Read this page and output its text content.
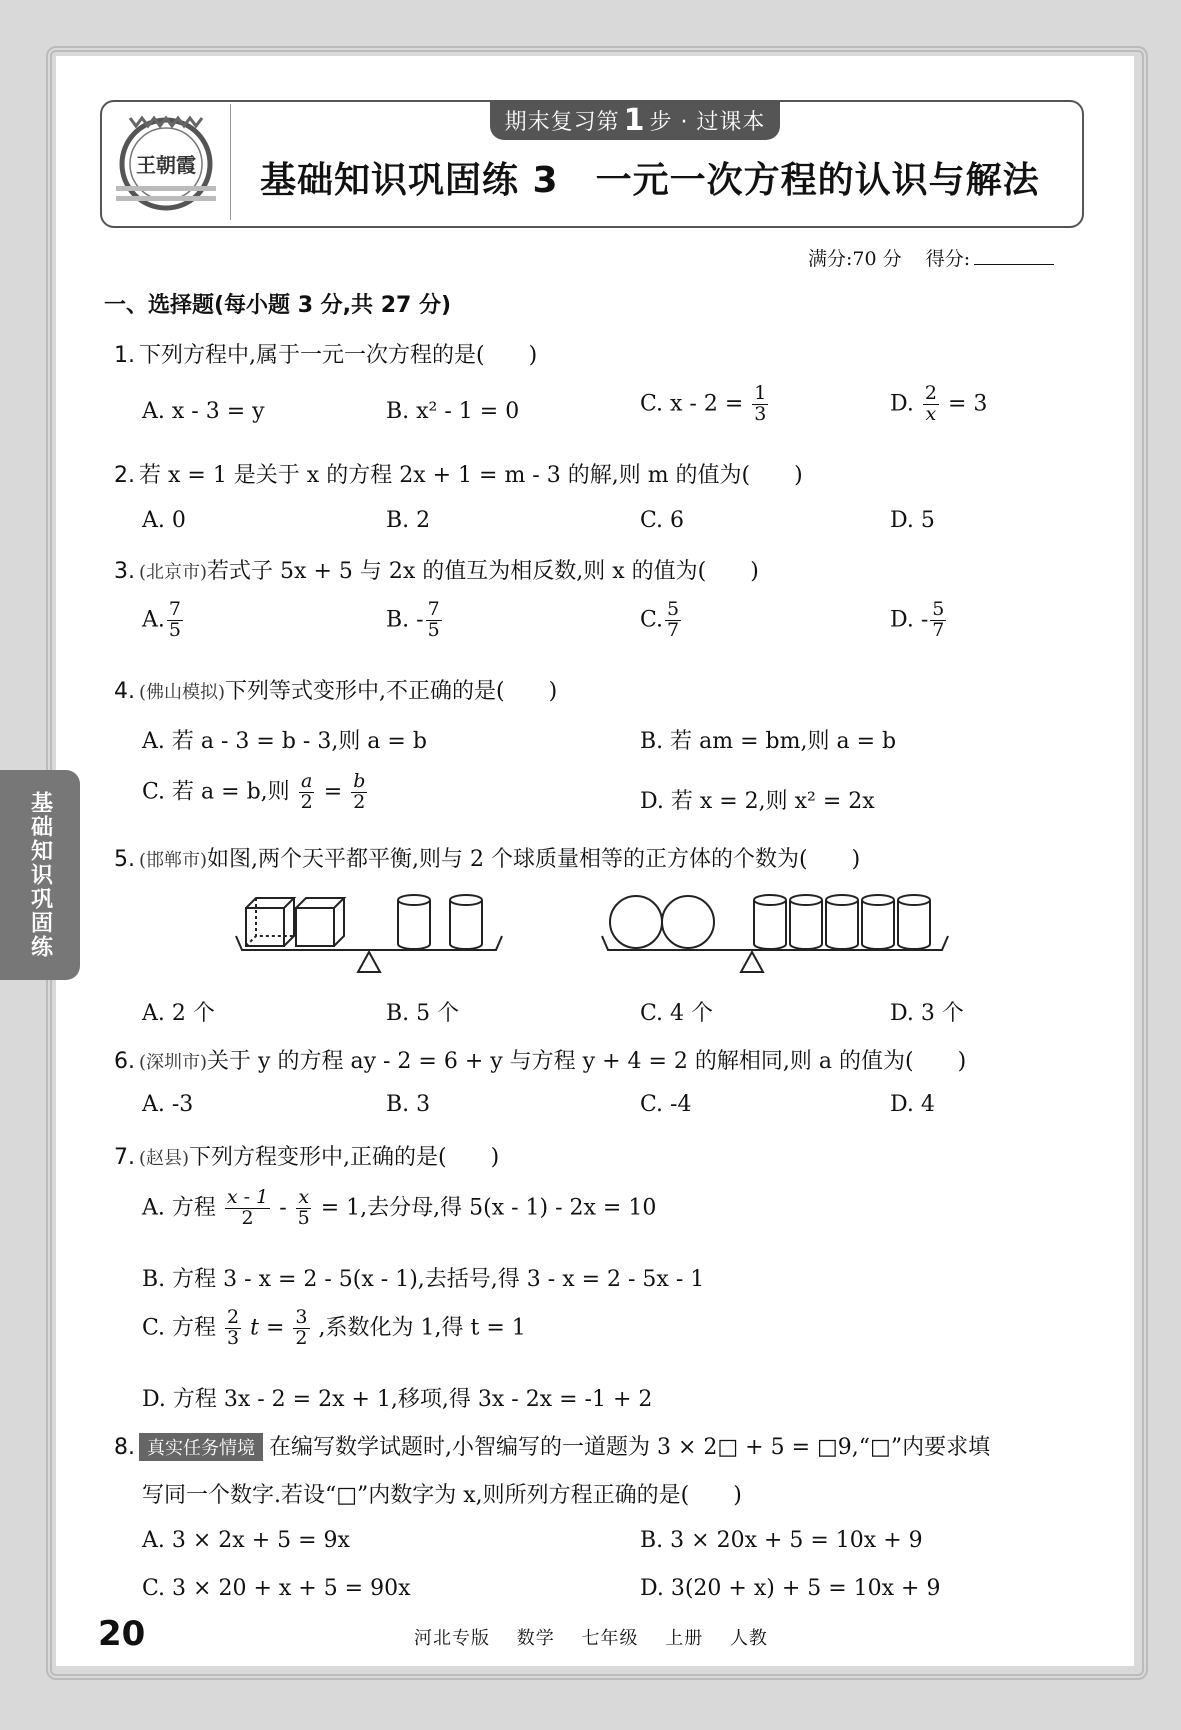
王朝霞
期末复习第 1 步 · 过课本
基础知识巩固练 3　一元一次方程的认识与解法
满分:70 分 得分:
一、选择题(每小题 3 分,共 27 分)
1. 下列方程中,属于一元一次方程的是(　　)
A. x - 3 = y	B. x² - 1 = 0	C. $x - 2 = \frac{1}{3}$	D. $\frac{2}{x} = 3$
2. 若 x = 1 是关于 x 的方程 2x + 1 = m - 3 的解,则 m 的值为(　　)
A. 0	B. 2	C. 6	D. 5
3. (北京市)若式子 5x + 5 与 2x 的值互为相反数,则 x 的值为(　　)
A. $\frac{7}{5}$	B. - $\frac{7}{5}$	C. $\frac{5}{7}$	D. - $\frac{5}{7}$
4. (佛山模拟)下列等式变形中,不正确的是(　　)
A. 若 a - 3 = b - 3,则 a = b	B. 若 am = bm,则 a = b
C. 若 a = b,则 $\frac{a}{2} = \frac{b}{2}$	D. 若 x = 2,则 x² = 2x
5. (邯郸市)如图,两个天平都平衡,则与 2 个球质量相等的正方体的个数为(　　)
A. 2 个	B. 5 个	C. 4 个	D. 3 个
6. (深圳市)关于 y 的方程 ay - 2 = 6 + y 与方程 y + 4 = 2 的解相同,则 a 的值为(　　)
A. -3	B. 3	C. -4	D. 4
7. (赵县)下列方程变形中,正确的是(　　)
A. 方程 $\frac{x - 1}{2} - \frac{x}{5} = 1$,去分母,得 5(x - 1) - 2x = 10
B. 方程 3 - x = 2 - 5(x - 1),去括号,得 3 - x = 2 - 5x - 1
C. 方程 $\frac{2}{3}$ $t = \frac{3}{2}$ ,系数化为 1,得 t = 1
D. 方程 3x - 2 = 2x + 1,移项,得 3x - 2x = -1 + 2
8. 真实任务情境 在编写数学试题时,小智编写的一道题为 3 × 2□ + 5 = □9,“□”内要求填
写同一个数字.若设“□”内数字为 x,则所列方程正确的是(　　)
A. 3 × 2x + 5 = 9x	B. 3 × 20x + 5 = 10x + 9
C. 3 × 20 + x + 5 = 90x	D. 3(20 + x) + 5 = 10x + 9
基础知识巩固练
20	河北专版 数学 七年级 上册 人教
